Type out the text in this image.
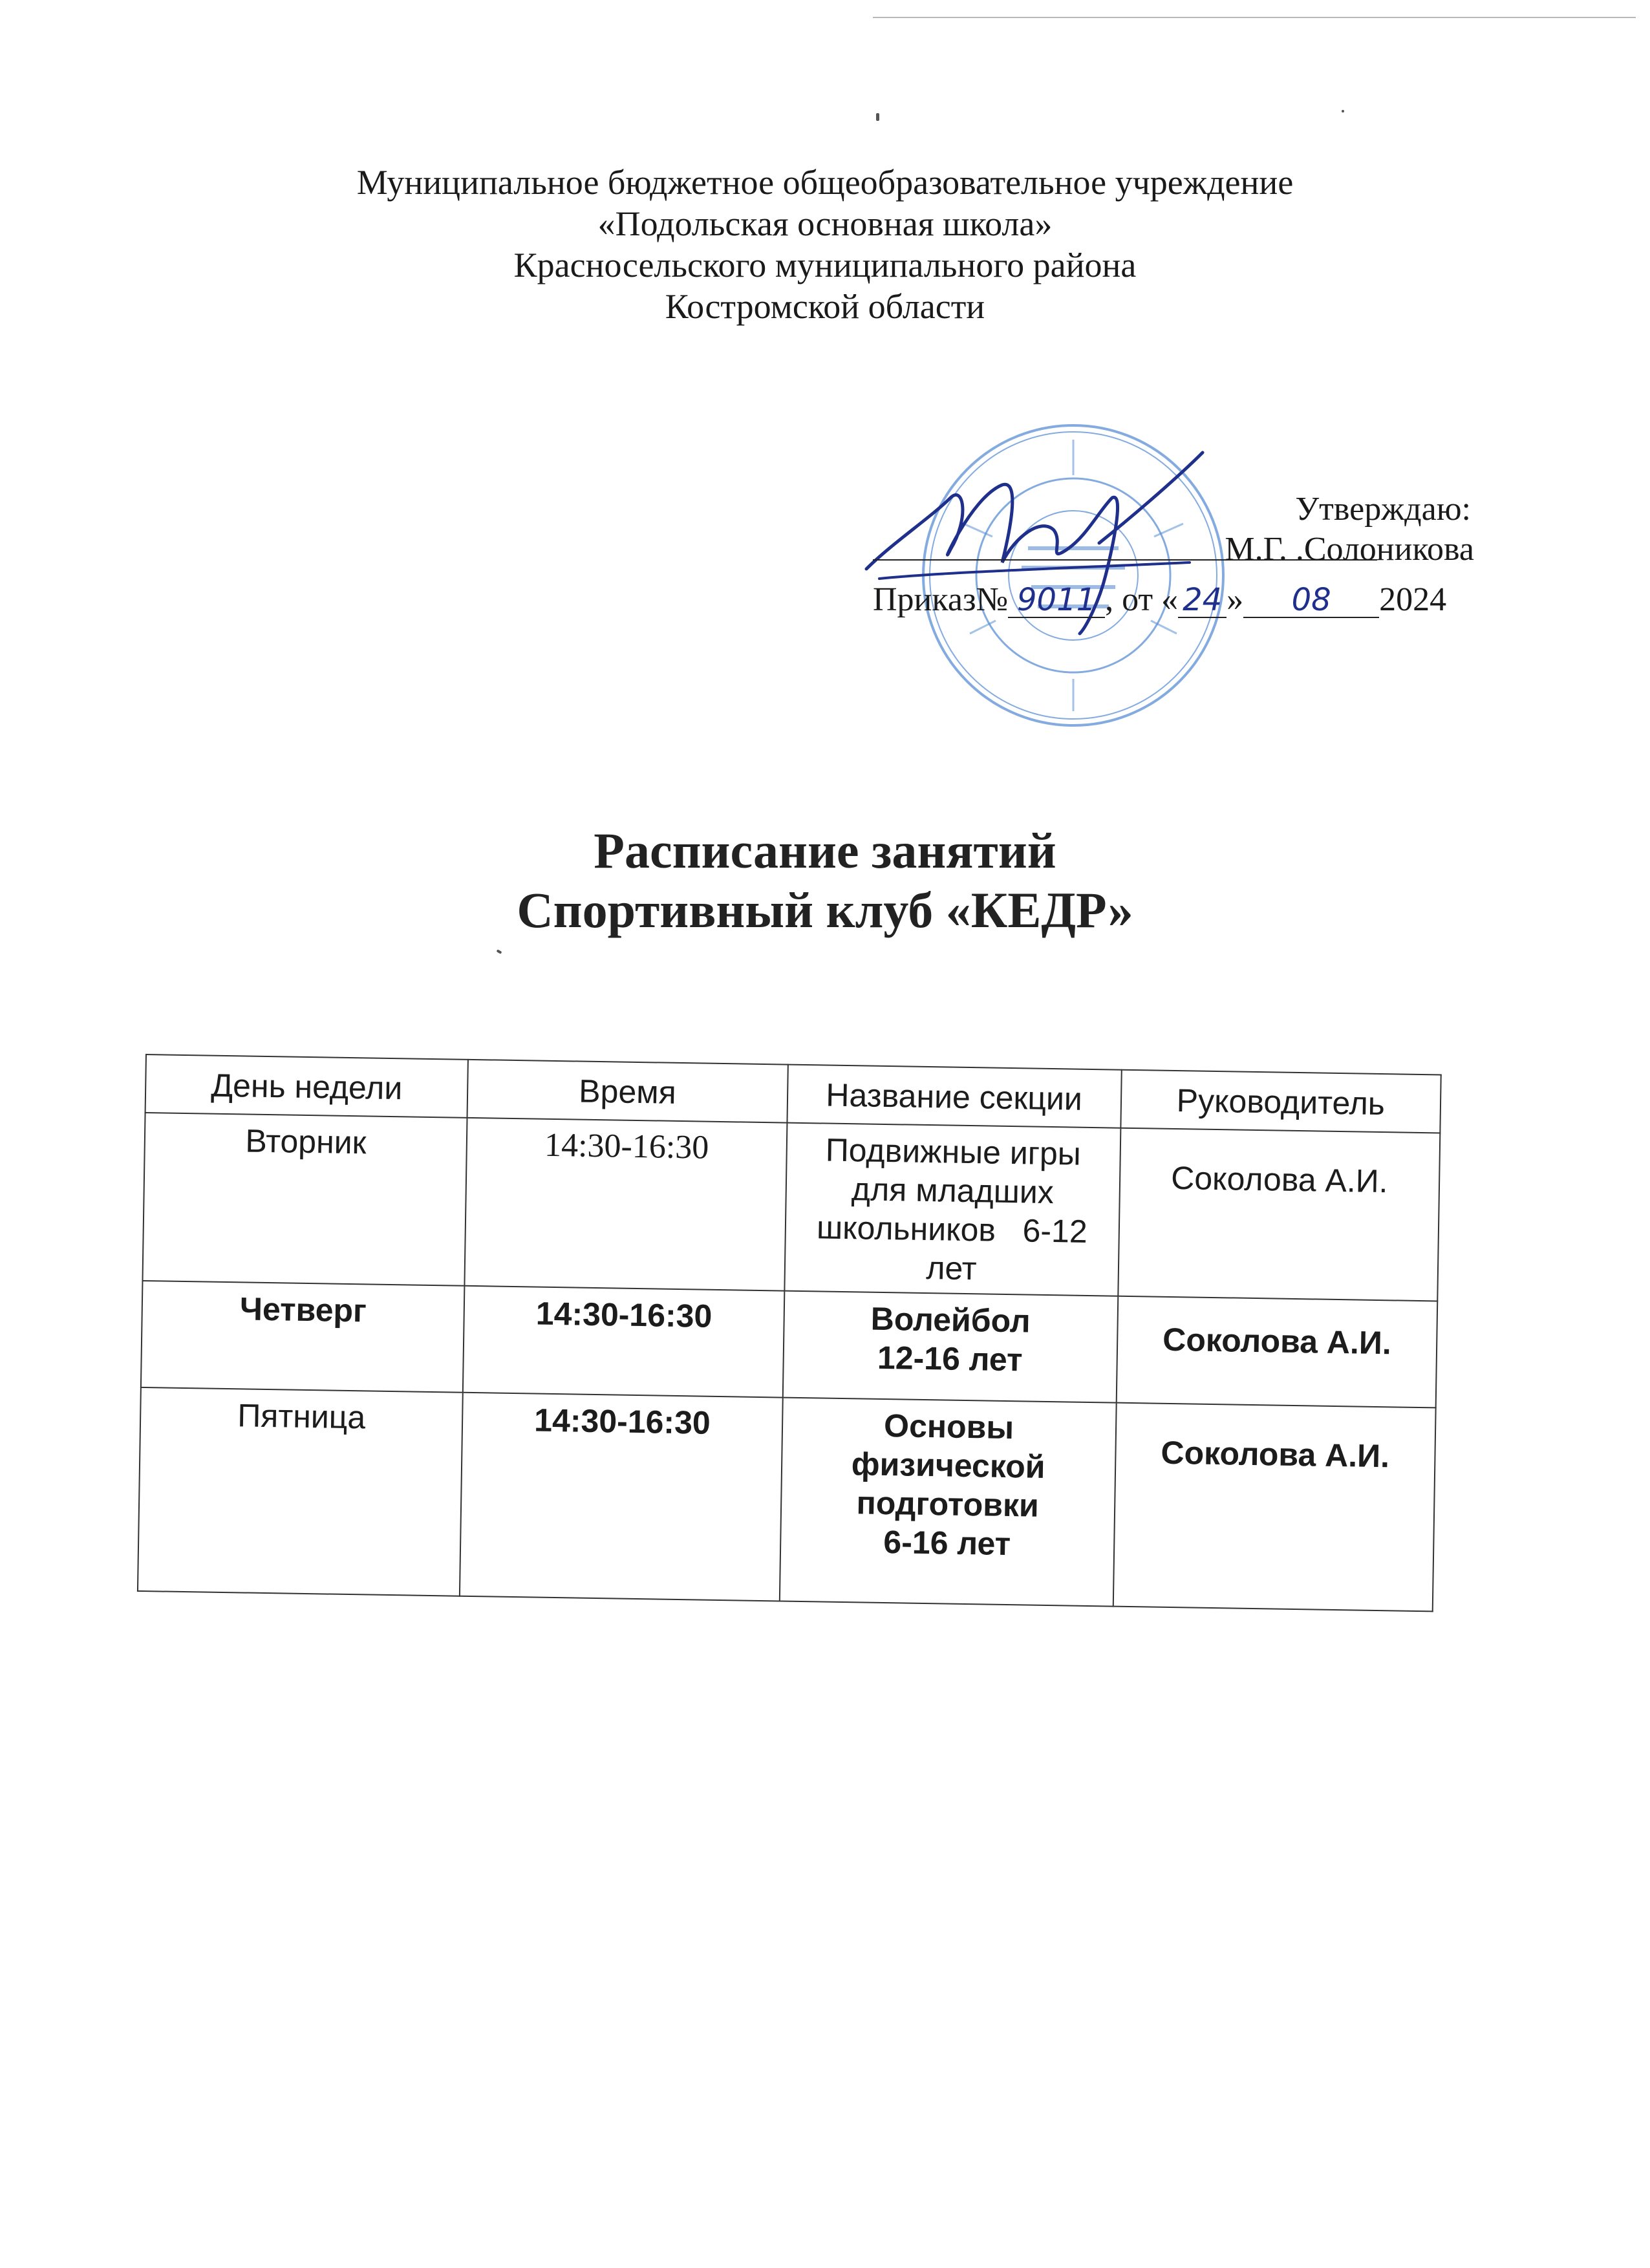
Муниципальное бюджетное общеобразовательное учреждение
«Подольская основная школа»
Красносельского муниципального района
Костромской области
Утверждаю:
М.Г. .Солоникова
Приказ№ 9011 , от « 24 » 08 2024
Расписание занятий
Спортивный клуб «КЕДР»
День недели	Время	Название секции	Руководитель
Вторник	14:30-16:30	Подвижные игры
для младших
школьников   6-12
лет	Соколова А.И.
Четверг	14:30-16:30	Волейбол
12-16 лет	Соколова А.И.
Пятница	14:30-16:30	Основы
физической
подготовки
6-16 лет	Соколова А.И.
